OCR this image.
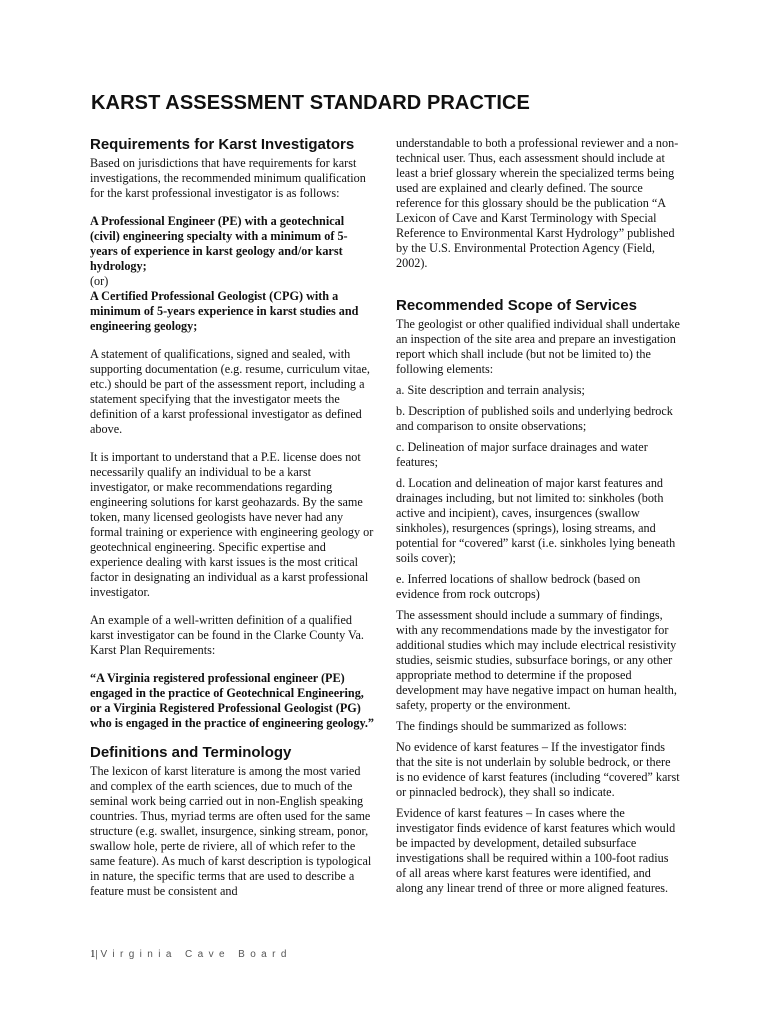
KARST ASSESSMENT STANDARD PRACTICE
Requirements for Karst Investigators

Based on jurisdictions that have requirements for karst investigations, the recommended minimum qualification for the karst professional investigator is as follows:

A Professional Engineer (PE) with a geotechnical (civil) engineering specialty with a minimum of 5-years of experience in karst geology and/or karst hydrology;

(or)

A Certified Professional Geologist (CPG) with a minimum of 5-years experience in karst studies and engineering geology;

A statement of qualifications, signed and sealed, with supporting documentation (e.g. resume, curriculum vitae, etc.) should be part of the assessment report, including a statement specifying that the investigator meets the definition of a karst professional investigator as defined above.

It is important to understand that a P.E. license does not necessarily qualify an individual to be a karst investigator, or make recommendations regarding engineering solutions for karst geohazards. By the same token, many licensed geologists have never had any formal training or experience with engineering geology or geotechnical engineering. Specific expertise and experience dealing with karst issues is the most critical factor in designating an individual as a karst professional investigator.

An example of a well-written definition of a qualified karst investigator can be found in the Clarke County Va. Karst Plan Requirements:

“A Virginia registered professional engineer (PE) engaged in the practice of Geotechnical Engineering, or a Virginia Registered Professional Geologist (PG) who is engaged in the practice of engineering geology.”

Definitions and Terminology

The lexicon of karst literature is among the most varied and complex of the earth sciences, due to much of the seminal work being carried out in non-English speaking countries. Thus, myriad terms are often used for the same structure (e.g. swallet, insurgence, sinking stream, ponor, swallow hole, perte de riviere, all of which refer to the same feature). As much of karst description is typological in nature, the specific terms that are used to describe a feature must be consistent and

understandable to both a professional reviewer and a non-technical user. Thus, each assessment should include at least a brief glossary wherein the specialized terms being used are explained and clearly defined. The source reference for this glossary should be the publication “A Lexicon of Cave and Karst Terminology with Special Reference to Environmental Karst Hydrology” published by the U.S. Environmental Protection Agency (Field, 2002).

Recommended Scope of Services

The geologist or other qualified individual shall undertake an inspection of the site area and prepare an investigation report which shall include (but not be limited to) the following elements:

a. Site description and terrain analysis;

b. Description of published soils and underlying bedrock and comparison to onsite observations;

c. Delineation of major surface drainages and water features;

d. Location and delineation of major karst features and drainages including, but not limited to: sinkholes (both active and incipient), caves, insurgences (swallow sinkholes), resurgences (springs), losing streams, and potential for “covered” karst (i.e. sinkholes lying beneath soils cover);

e. Inferred locations of shallow bedrock (based on evidence from rock outcrops)

The assessment should include a summary of findings, with any recommendations made by the investigator for additional studies which may include electrical resistivity studies, seismic studies, subsurface borings, or any other appropriate method to determine if the proposed development may have negative impact on human health, safety, property or the environment.

The findings should be summarized as follows:

No evidence of karst features – If the investigator finds that the site is not underlain by soluble bedrock, or there is no evidence of karst features (including “covered” karst or pinnacled bedrock), they shall so indicate.

Evidence of karst features – In cases where the investigator finds evidence of karst features which would be impacted by development, detailed subsurface investigations shall be required within a 100-foot radius of all areas where karst features were identified, and along any linear trend of three or more aligned features.

1| Virginia Cave Board
